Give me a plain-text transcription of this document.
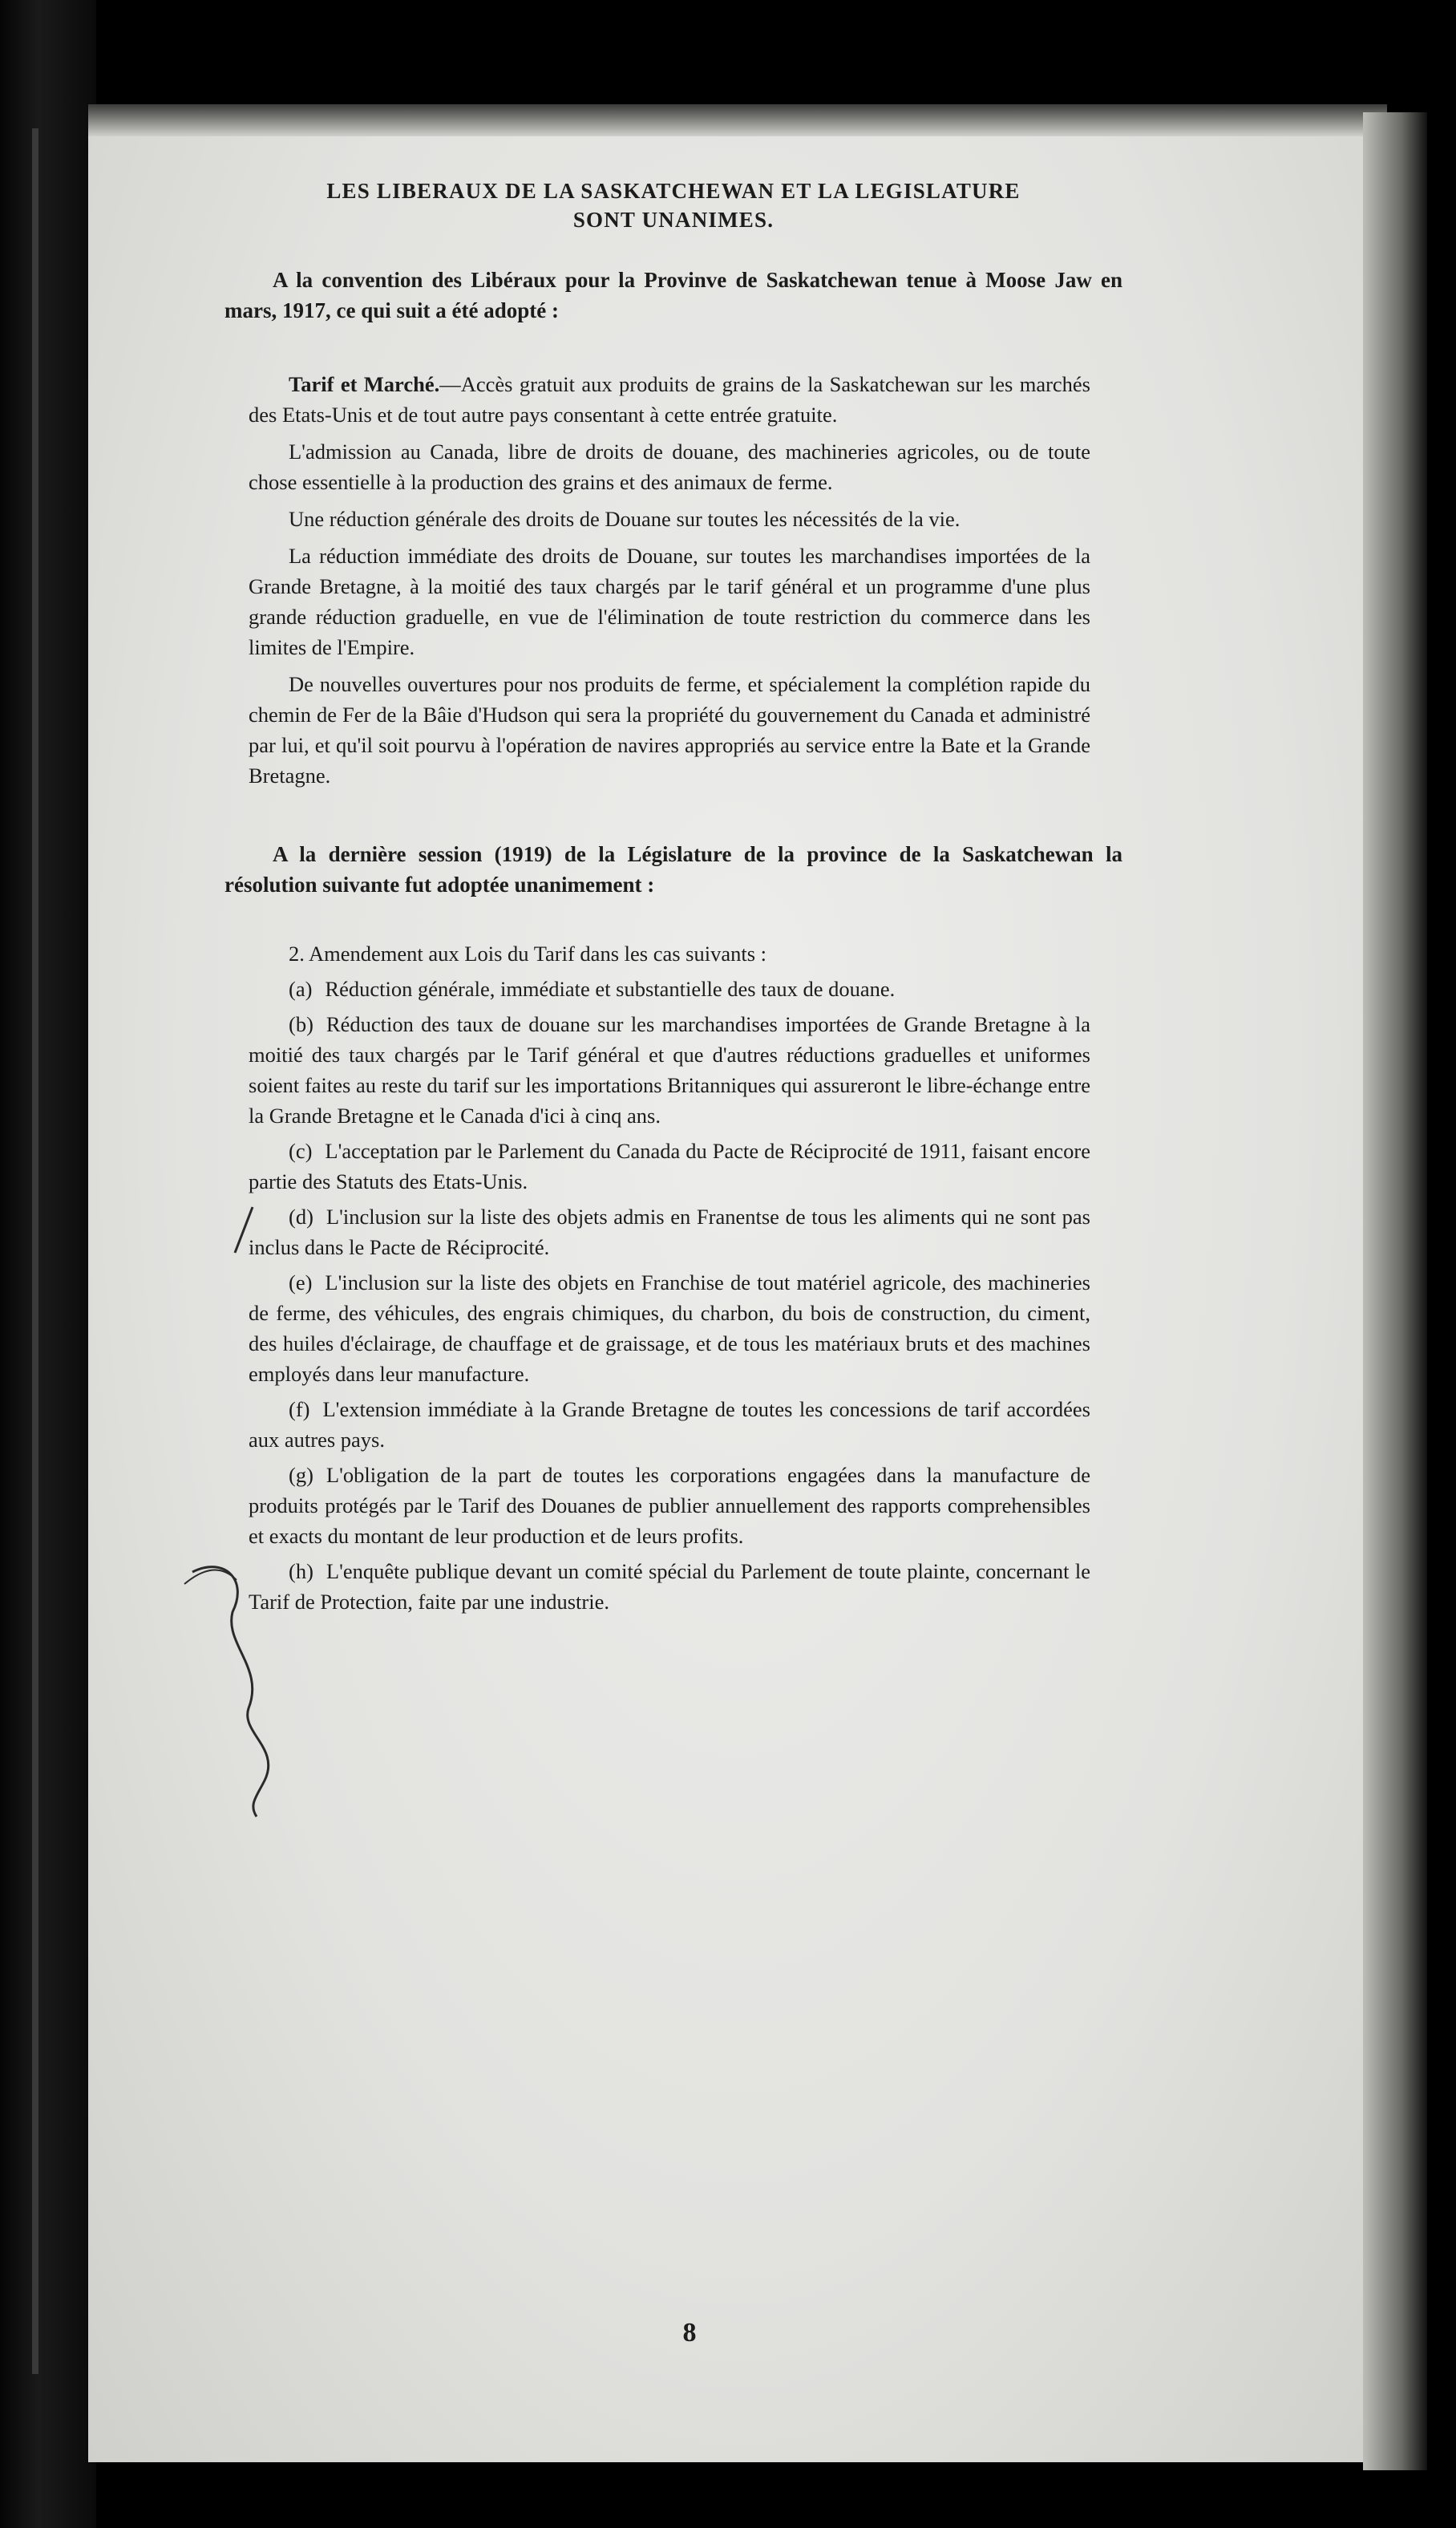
LES LIBERAUX DE LA SASKATCHEWAN ET LA LEGISLATURE
SONT UNANIMES.

A la convention des Libéraux pour la Provinve de Saskatchewan tenue à Moose Jaw en mars, 1917, ce qui suit a été adopté :

Tarif et Marché.—Accès gratuit aux produits de grains de la Saskatchewan sur les marchés des Etats-Unis et de tout autre pays consentant à cette entrée gratuite.

L'admission au Canada, libre de droits de douane, des machineries agricoles, ou de toute chose essentielle à la production des grains et des animaux de ferme.

Une réduction générale des droits de Douane sur toutes les nécessités de la vie.

La réduction immédiate des droits de Douane, sur toutes les marchandises importées de la Grande Bretagne, à la moitié des taux chargés par le tarif général et un programme d'une plus grande réduction graduelle, en vue de l'élimination de toute restriction du commerce dans les limites de l'Empire.

De nouvelles ouvertures pour nos produits de ferme, et spécialement la complétion rapide du chemin de Fer de la Bâie d'Hudson qui sera la propriété du gouvernement du Canada et administré par lui, et qu'il soit pourvu à l'opération de navires appropriés au service entre la Bate et la Grande Bretagne.

A la dernière session (1919) de la Législature de la province de la Saskatchewan la résolution suivante fut adoptée unanimement :

2. Amendement aux Lois du Tarif dans les cas suivants :

(a) Réduction générale, immédiate et substantielle des taux de douane.

(b) Réduction des taux de douane sur les marchandises importées de Grande Bretagne à la moitié des taux chargés par le Tarif général et que d'autres réductions graduelles et uniformes soient faites au reste du tarif sur les importations Britanniques qui assureront le libre-échange entre la Grande Bretagne et le Canada d'ici à cinq ans.

(c) L'acceptation par le Parlement du Canada du Pacte de Réciprocité de 1911, faisant encore partie des Statuts des Etats-Unis.

(d) L'inclusion sur la liste des objets admis en Franentse de tous les aliments qui ne sont pas inclus dans le Pacte de Réciprocité.

(e) L'inclusion sur la liste des objets en Franchise de tout matériel agricole, des machineries de ferme, des véhicules, des engrais chimiques, du charbon, du bois de construction, du ciment, des huiles d'éclairage, de chauffage et de graissage, et de tous les matériaux bruts et des machines employés dans leur manufacture.

(f) L'extension immédiate à la Grande Bretagne de toutes les concessions de tarif accordées aux autres pays.

(g) L'obligation de la part de toutes les corporations engagées dans la manufacture de produits protégés par le Tarif des Douanes de publier annuellement des rapports comprehensibles et exacts du montant de leur production et de leurs profits.

(h) L'enquête publique devant un comité spécial du Parlement de toute plainte, concernant le Tarif de Protection, faite par une industrie.

8
